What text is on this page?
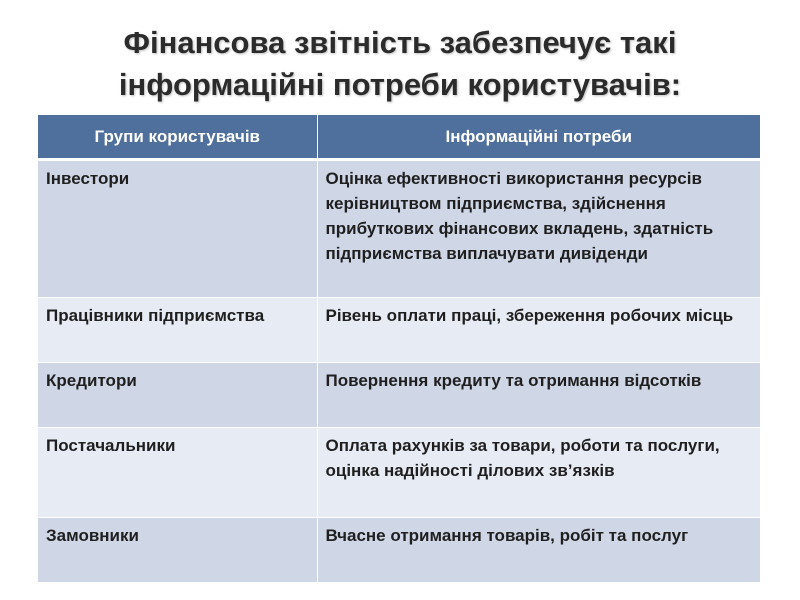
Фінансова звітність забезпечує такі
інформаційні потреби користувачів:
Групи користувачів	Інформаційні потреби
Інвестори	Оцінка ефективності використання ресурсів керівництвом підприємства, здійснення прибуткових фінансових вкладень, здатність підприємства виплачувати дивіденди
Працівники підприємства	Рівень оплати праці, збереження робочих місць
Кредитори	Повернення кредиту та отримання відсотків
Постачальники	Оплата рахунків за товари, роботи та послуги, оцінка надійності ділових зв’язків
Замовники	Вчасне отримання товарів, робіт та послуг
